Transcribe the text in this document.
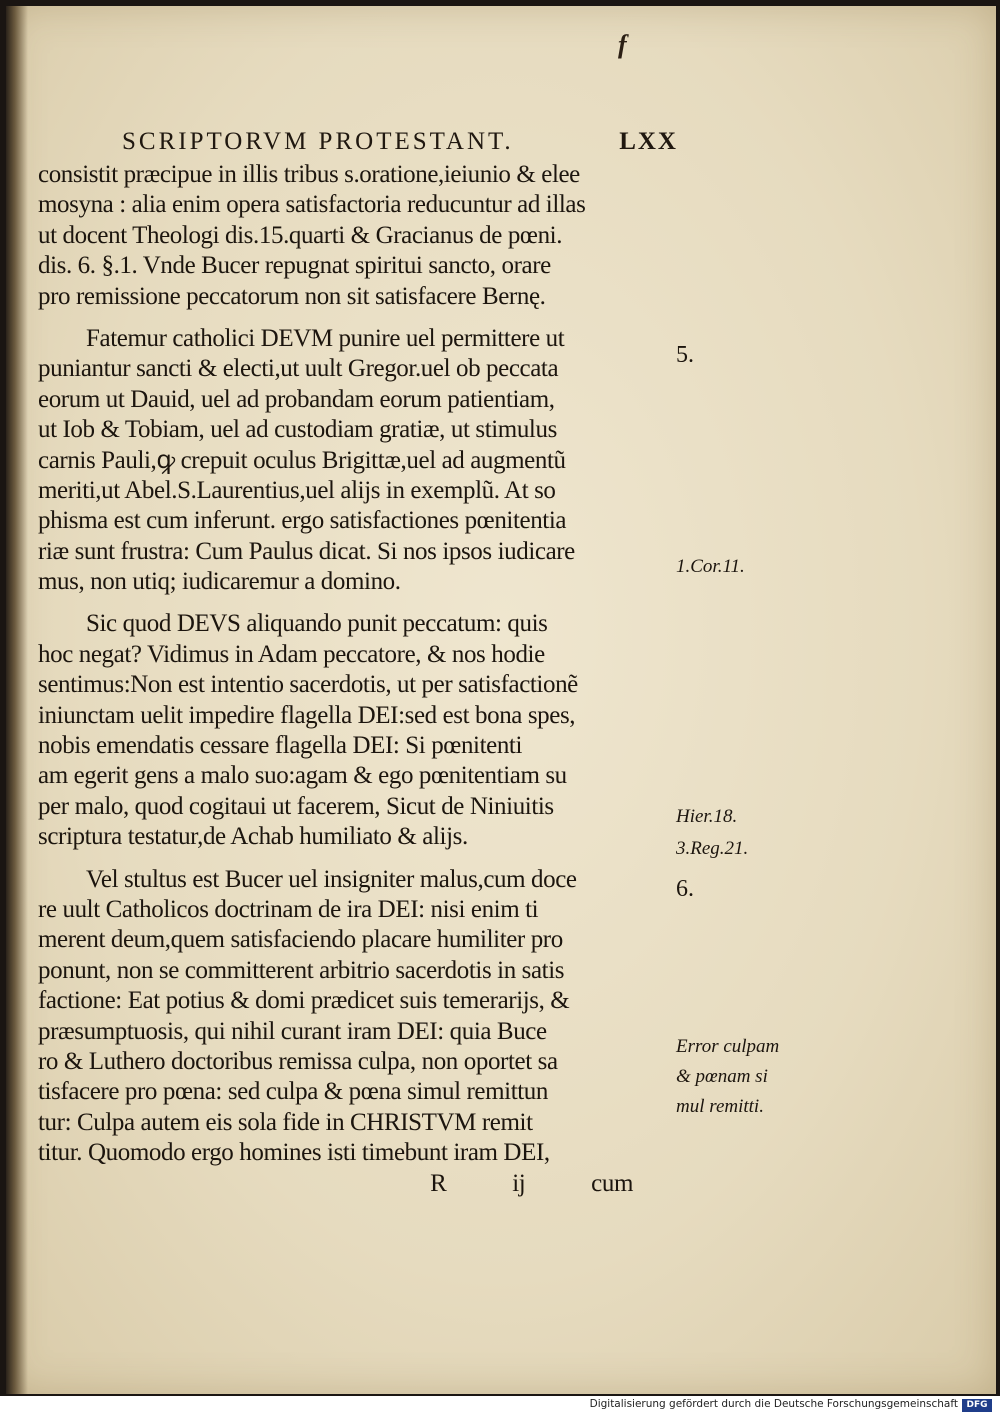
f
SCRIPTORVM PROTESTANT.	LXX
consistit præcipue in illis tribus s.oratione,ieiunio & elee
mosyna : alia enim opera satisfactoria reducuntur ad illas
ut docent Theologi dis.15.quarti & Gracianus de pœni.
dis. 6. §.1. Vnde Bucer repugnat spiritui sancto, orare
pro remissione peccatorum non sit satisfacere Bernę.
Fatemur catholici DEVM punire uel permittere ut
puniantur sancti & electi,ut uult Gregor.uel ob peccata
eorum ut Dauid, uel ad probandam eorum patientiam,
ut Iob & Tobiam, uel ad custodiam gratiæ, ut stimulus
carnis Pauli,ꝙ crepuit oculus Brigittæ,uel ad augmentũ
meriti,ut Abel.S.Laurentius,uel alijs in exemplũ. At so
phisma est cum inferunt. ergo satisfactiones pœnitentia
riæ sunt frustra: Cum Paulus dicat. Si nos ipsos iudicare
mus, non utiq; iudicaremur a domino.
Sic quod DEVS aliquando punit peccatum: quis
hoc negat? Vidimus in Adam peccatore, & nos hodie
sentimus:Non est intentio sacerdotis, ut per satisfactionẽ
iniunctam uelit impedire flagella DEI:sed est bona spes,
nobis emendatis cessare flagella DEI: Si pœnitenti
am egerit gens a malo suo:agam & ego pœnitentiam su
per malo, quod cogitaui ut facerem, Sicut de Niniuitis
scriptura testatur,de Achab humiliato & alijs.
Vel stultus est Bucer uel insigniter malus,cum doce
re uult Catholicos doctrinam de ira DEI: nisi enim ti
merent deum,quem satisfaciendo placare humiliter pro
ponunt, non se committerent arbitrio sacerdotis in satis
factione: Eat potius & domi prædicet suis temerarijs, &
præsumptuosis, qui nihil curant iram DEI: quia Buce
ro & Luthero doctoribus remissa culpa, non oportet sa
tisfacere pro pœna: sed culpa & pœna simul remittun
tur: Culpa autem eis sola fide in CHRISTVM remit
titur. Quomodo ergo homines isti timebunt iram DEI,
R ij cum
5.
1.Cor.11.
Hier.18.
3.Reg.21.
6.
Error culpam
& pœnam si
mul remitti.
Digitalisierung gefördert durch die Deutsche Forschungsgemeinschaft DFG
